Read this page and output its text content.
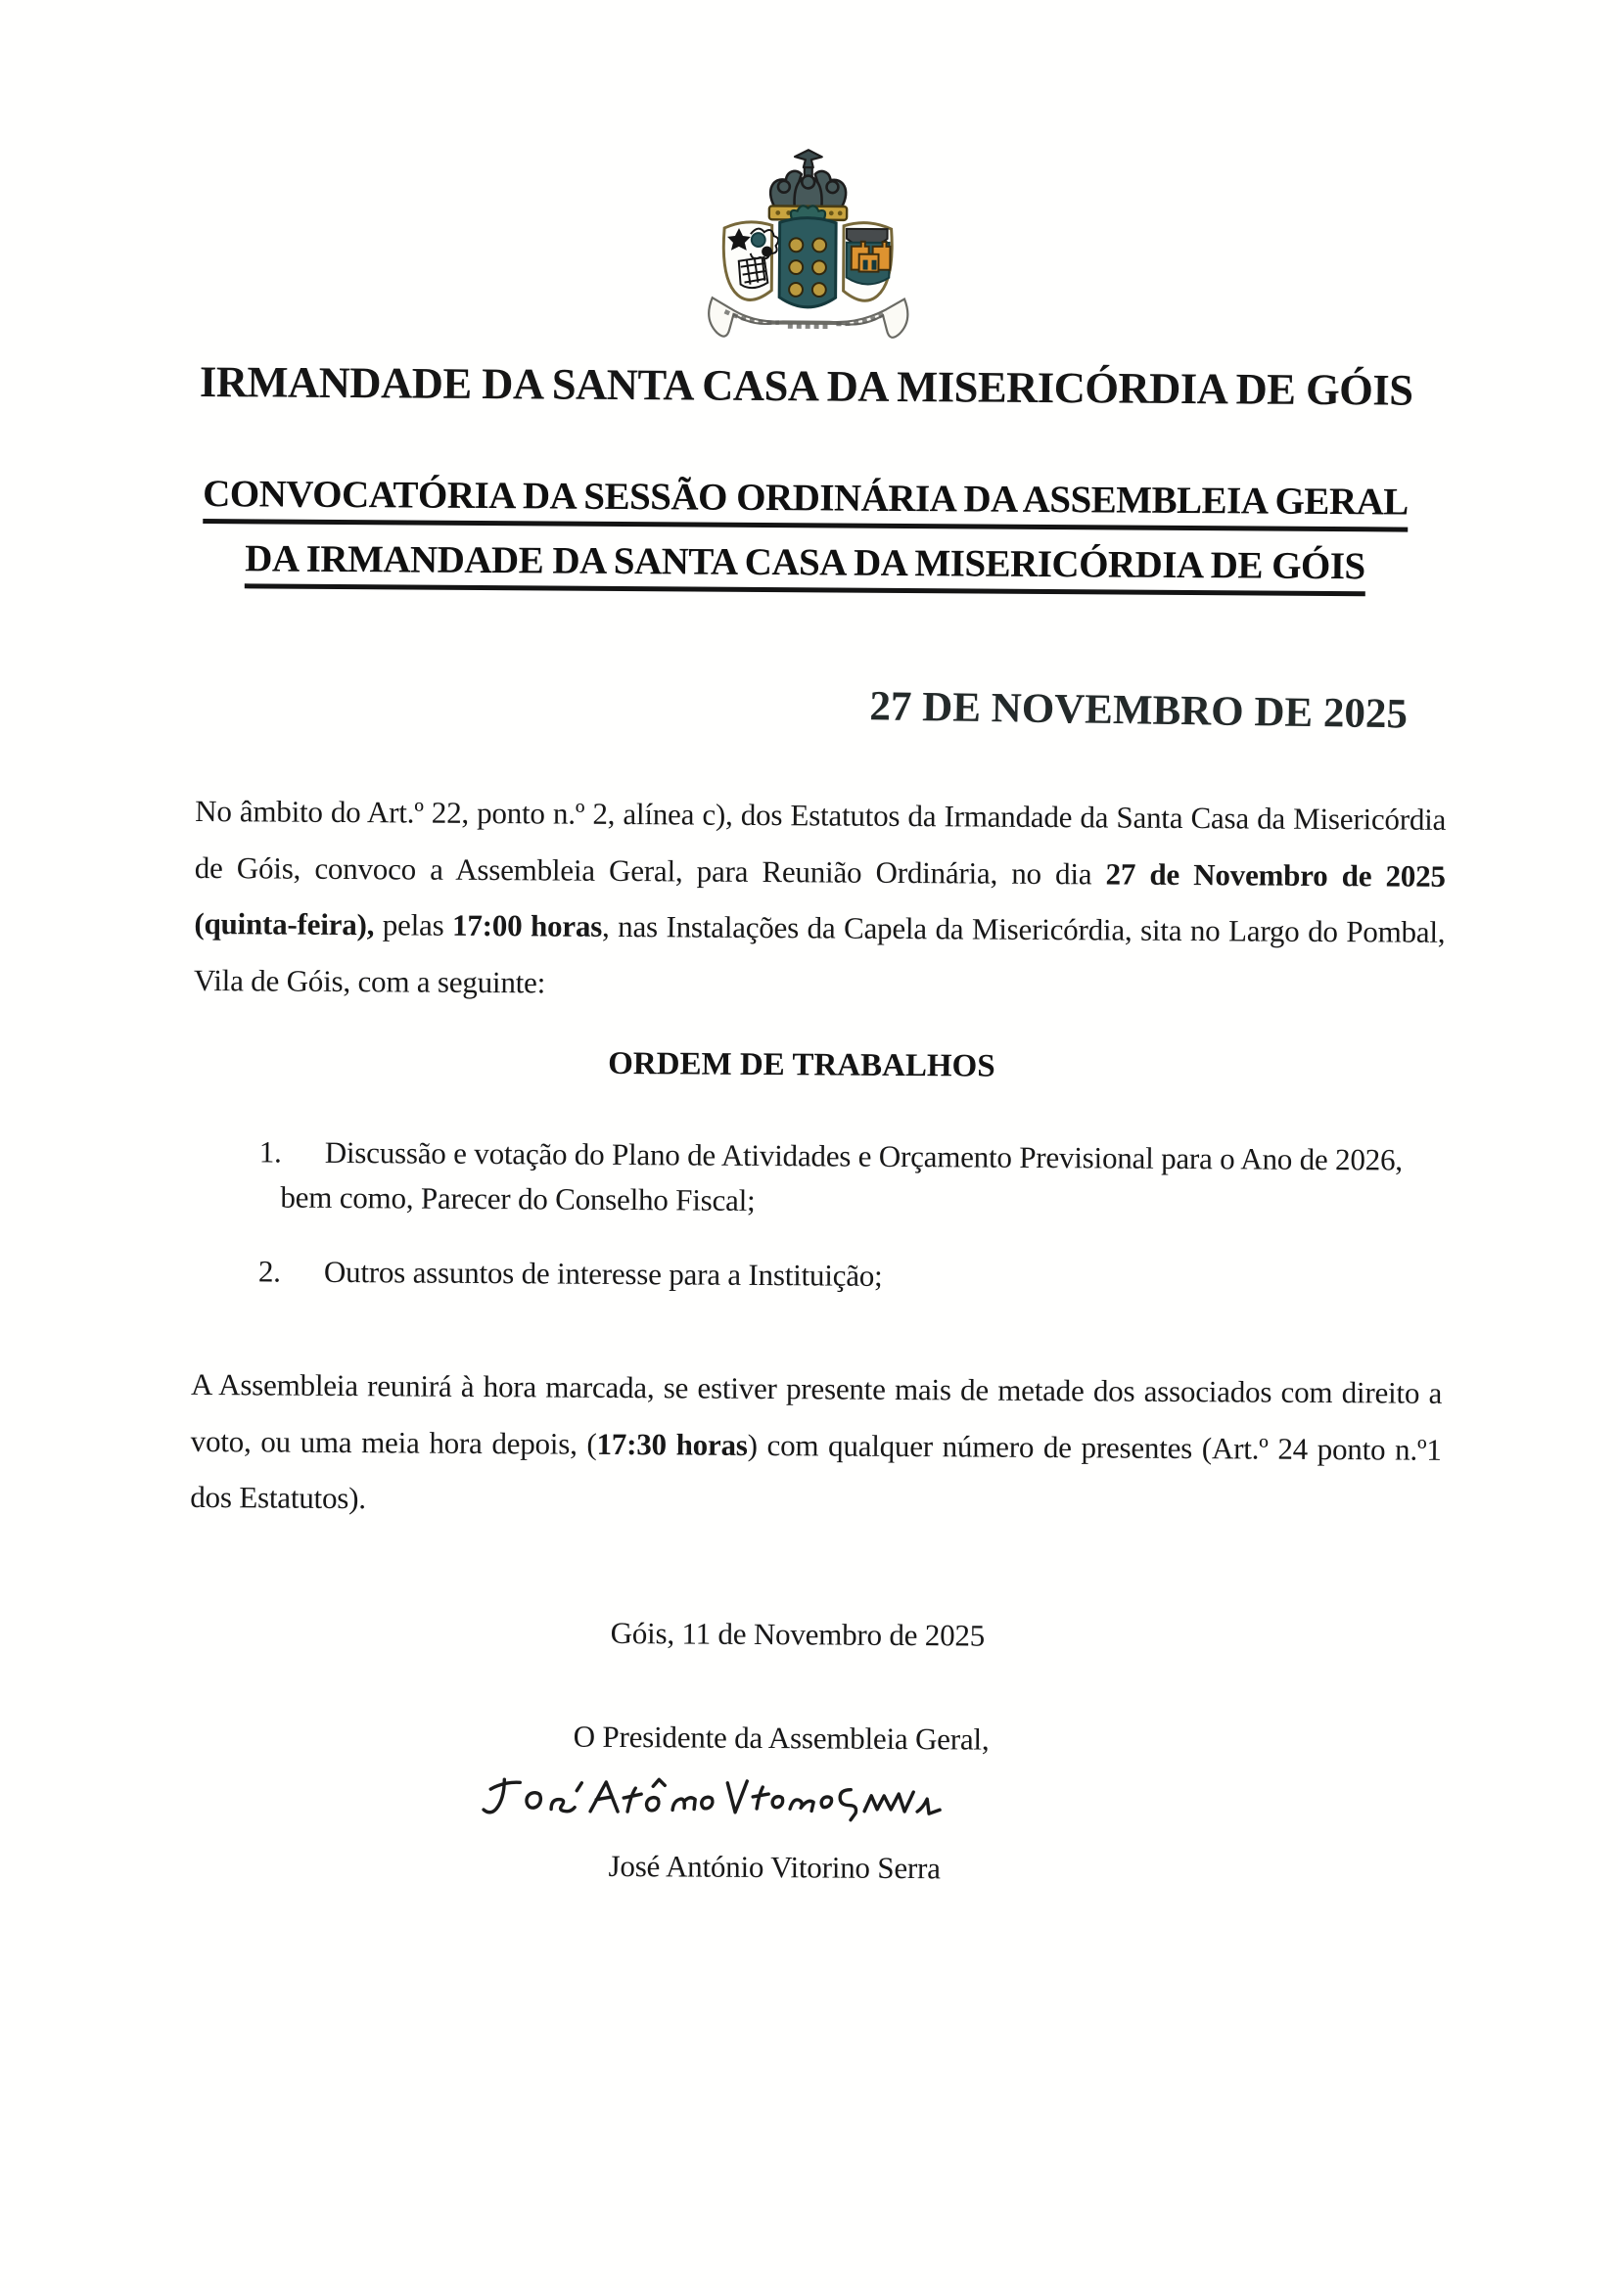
IRMANDADE DA SANTA CASA DA MISERICÓRDIA DE GÓIS
CONVOCATÓRIA DA SESSÃO ORDINÁRIA DA ASSEMBLEIA GERAL
DA IRMANDADE DA SANTA CASA DA MISERICÓRDIA DE GÓIS
27 DE NOVEMBRO DE 2025

No âmbito do Art.º 22, ponto n.º 2, alínea c), dos Estatutos da Irmandade da Santa Casa da Misericórdia de Góis, convoco a Assembleia Geral, para Reunião Ordinária, no dia 27 de Novembro de 2025 (quinta-feira), pelas 17:00 horas, nas Instalações da Capela da Misericórdia, sita no Largo do Pombal, Vila de Góis, com a seguinte:

ORDEM DE TRABALHOS
1. Discussão e votação do Plano de Atividades e Orçamento Previsional para o Ano de 2026, bem como, Parecer do Conselho Fiscal;
2. Outros assuntos de interesse para a Instituição;

A Assembleia reunirá à hora marcada, se estiver presente mais de metade dos associados com direito a voto, ou uma meia hora depois, (17:30 horas) com qualquer número de presentes (Art.º 24 ponto n.º1 dos Estatutos).

Góis, 11 de Novembro de 2025
O Presidente da Assembleia Geral,
José António Vitorino Serra
